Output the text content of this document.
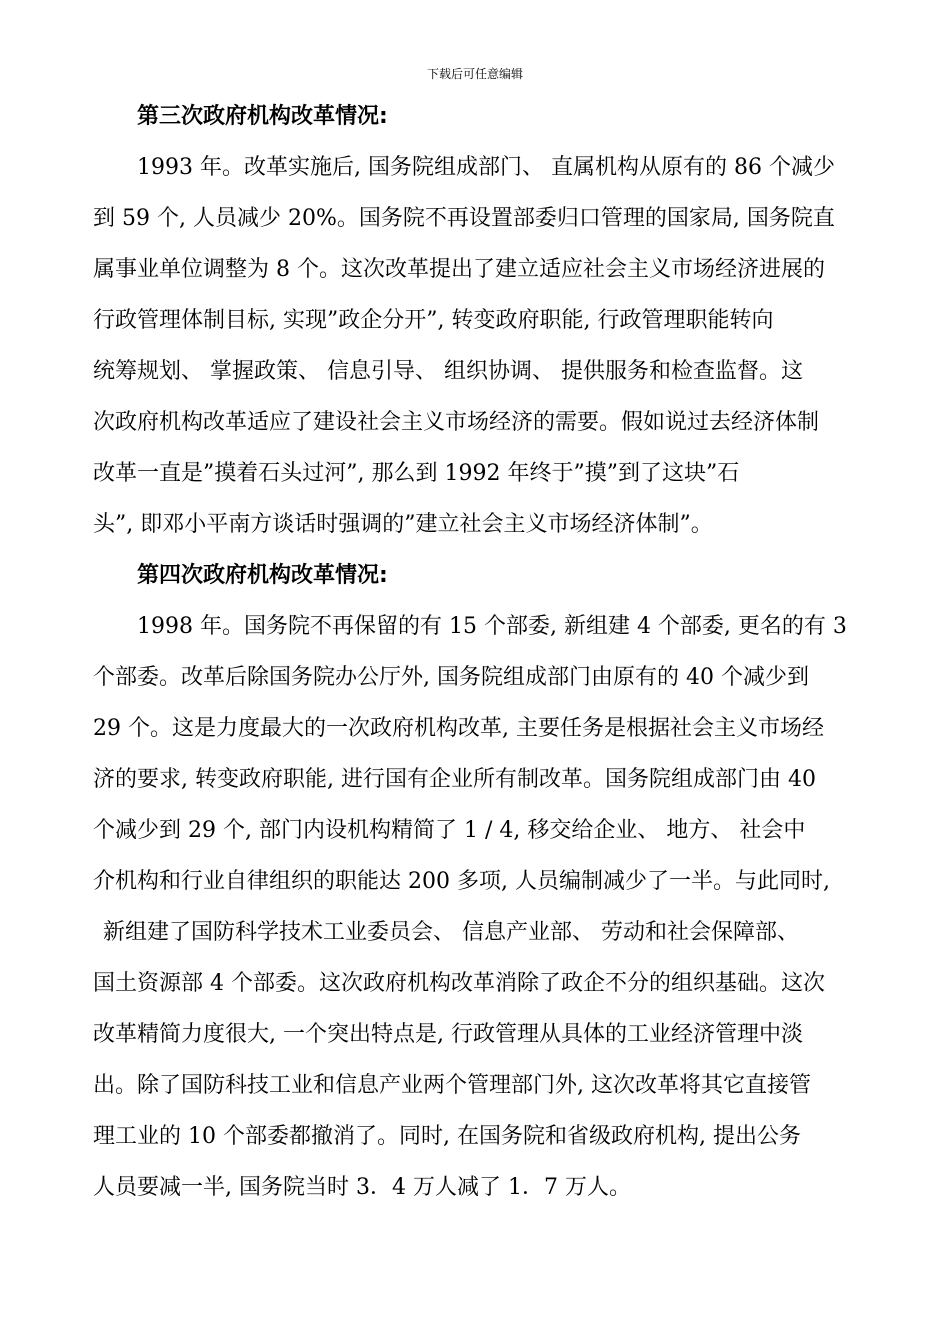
下载后可任意编辑
第三次政府机构改革情况:
1993 年。改革实施后, 国务院组成部门、 直属机构从原有的 86 个减少
到 59 个, 人员减少 20%。国务院不再设置部委归口管理的国家局, 国务院直
属事业单位调整为 8 个。这次改革提出了建立适应社会主义市场经济进展的
行政管理体制目标, 实现”政企分开”, 转变政府职能, 行政管理职能转向
统筹规划、 掌握政策、 信息引导、 组织协调、 提供服务和检查监督。这
次政府机构改革适应了建设社会主义市场经济的需要。假如说过去经济体制
改革一直是”摸着石头过河”, 那么到 1992 年终于”摸”到了这块”石
头”, 即邓小平南方谈话时强调的”建立社会主义市场经济体制”。
第四次政府机构改革情况:
1998 年。国务院不再保留的有 15 个部委, 新组建 4 个部委, 更名的有 3
个部委。改革后除国务院办公厅外, 国务院组成部门由原有的 40 个减少到
29 个。这是力度最大的一次政府机构改革, 主要任务是根据社会主义市场经
济的要求, 转变政府职能, 进行国有企业所有制改革。国务院组成部门由 40
个减少到 29 个, 部门内设机构精简了 1 / 4, 移交给企业、 地方、 社会中
介机构和行业自律组织的职能达 200 多项, 人员编制减少了一半。与此同时,
新组建了国防科学技术工业委员会、 信息产业部、 劳动和社会保障部、
国土资源部 4 个部委。这次政府机构改革消除了政企不分的组织基础。这次
改革精简力度很大, 一个突出特点是, 行政管理从具体的工业经济管理中淡
出。除了国防科技工业和信息产业两个管理部门外, 这次改革将其它直接管
理工业的 10 个部委都撤消了。同时, 在国务院和省级政府机构, 提出公务
人员要减一半, 国务院当时 3．4 万人减了 1．7 万人。
